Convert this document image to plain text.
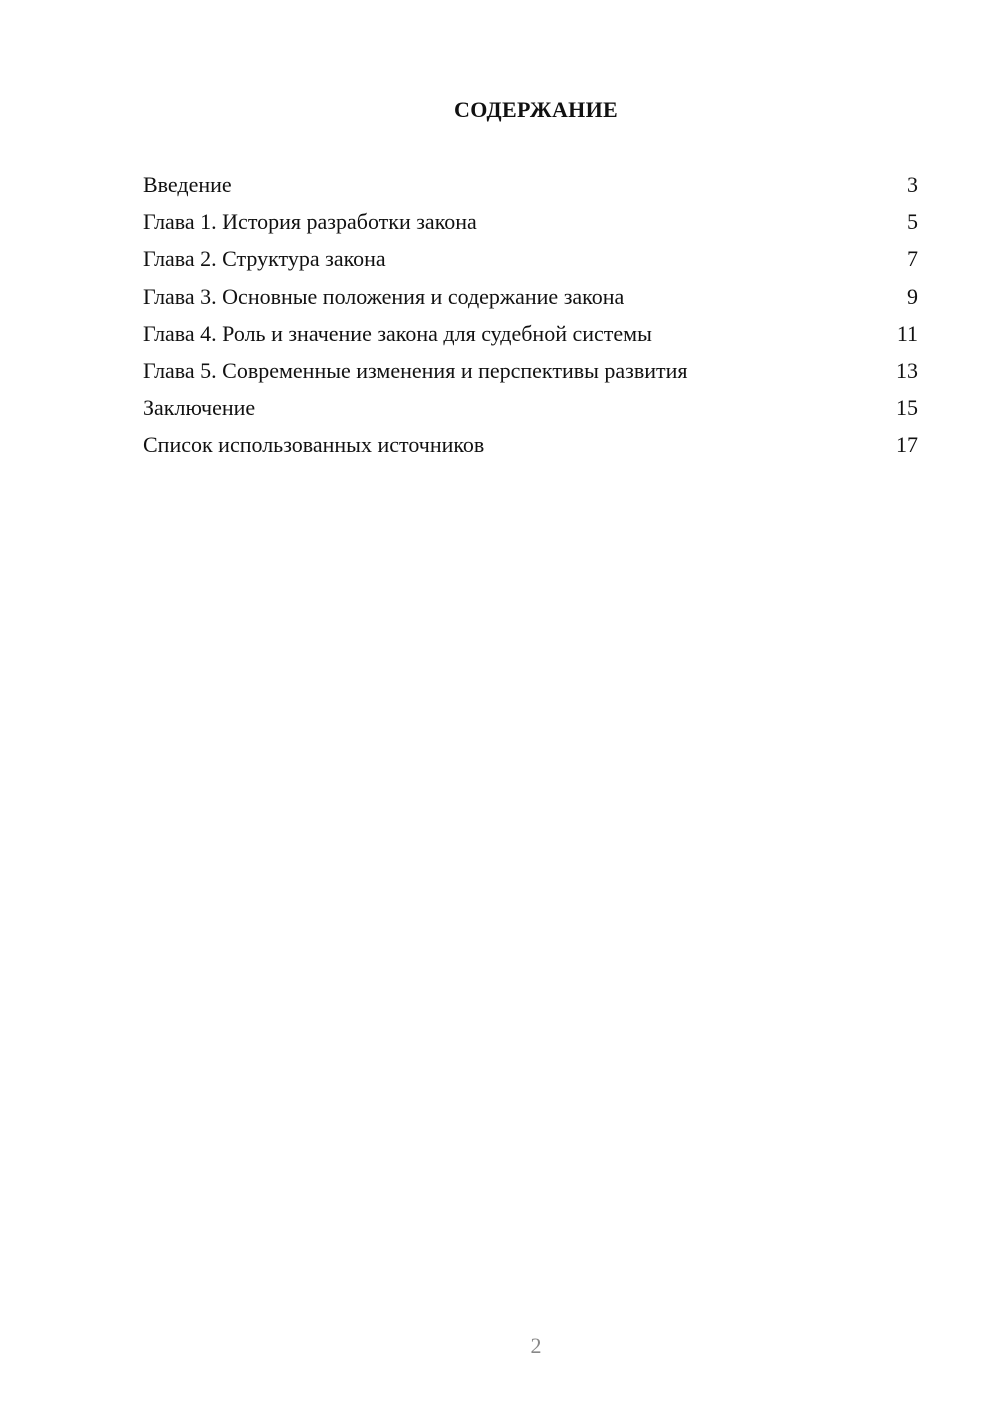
СОДЕРЖАНИЕ
Введение	3
Глава 1. История разработки закона	5
Глава 2. Структура закона	7
Глава 3. Основные положения и содержание закона	9
Глава 4. Роль и значение закона для судебной системы	11
Глава 5. Современные изменения и перспективы развития	13
Заключение	15
Список использованных источников	17
2
